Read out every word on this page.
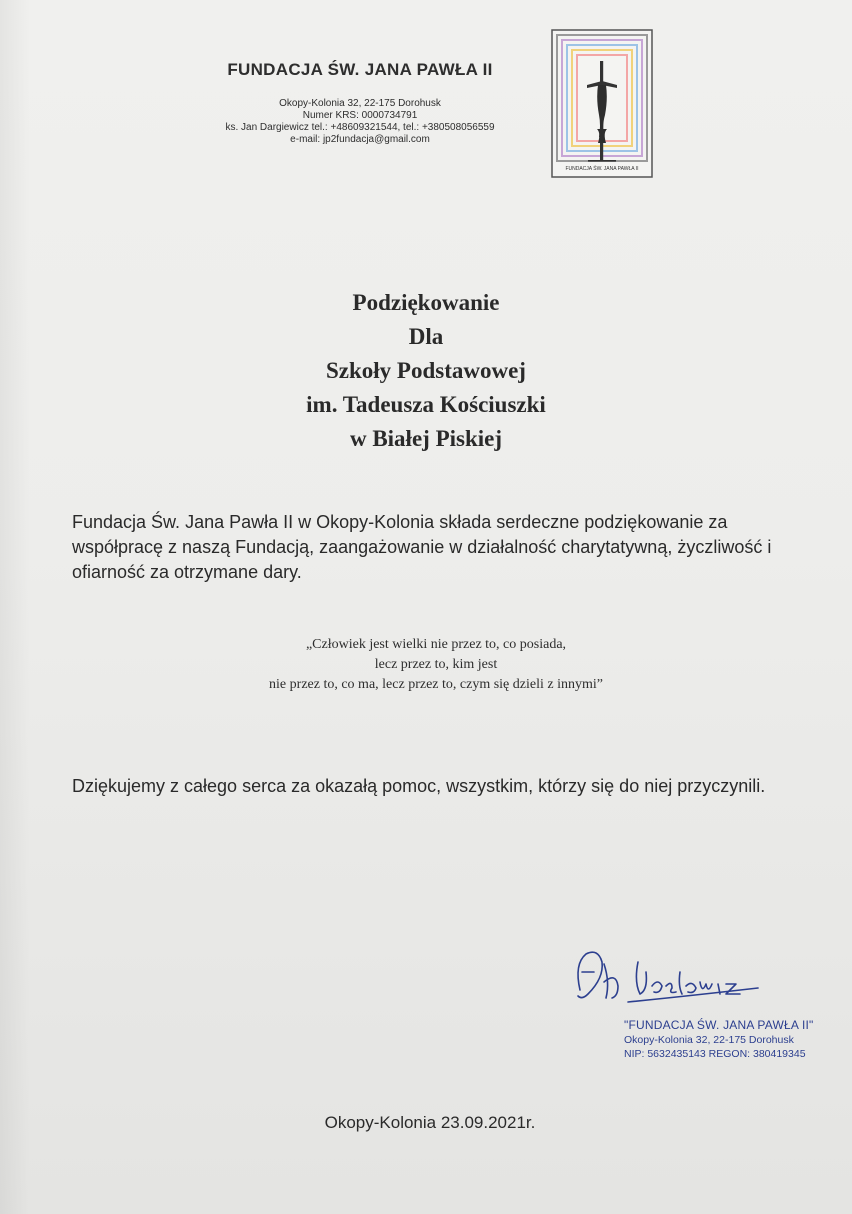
FUNDACJA ŚW. JANA PAWŁA II
Okopy-Kolonia 32, 22-175 Dorohusk
Numer KRS: 0000734791
ks. Jan Dargiewicz tel.: +48609321544, tel.: +380508056559
e-mail: jp2fundacja@gmail.com
FUNDACJA ŚW. JANA PAWŁA II
Podziękowanie
Dla
Szkoły Podstawowej
im. Tadeusza Kościuszki
w Białej Piskiej
Fundacja Św. Jana Pawła II w Okopy-Kolonia składa serdeczne podziękowanie za współpracę z naszą Fundacją, zaangażowanie w działalność charytatywną, życzliwość i ofiarność za otrzymane dary.
„Człowiek jest wielki nie przez to, co posiada,
lecz przez to, kim jest
nie przez to, co ma, lecz przez to, czym się dzieli z innymi”
Dziękujemy z całego serca za okazałą pomoc, wszystkim, którzy się do niej przyczynili.
"FUNDACJA ŚW. JANA PAWŁA II"
Okopy-Kolonia 32, 22-175 Dorohusk
NIP: 5632435143 REGON: 380419345
Okopy-Kolonia 23.09.2021r.
